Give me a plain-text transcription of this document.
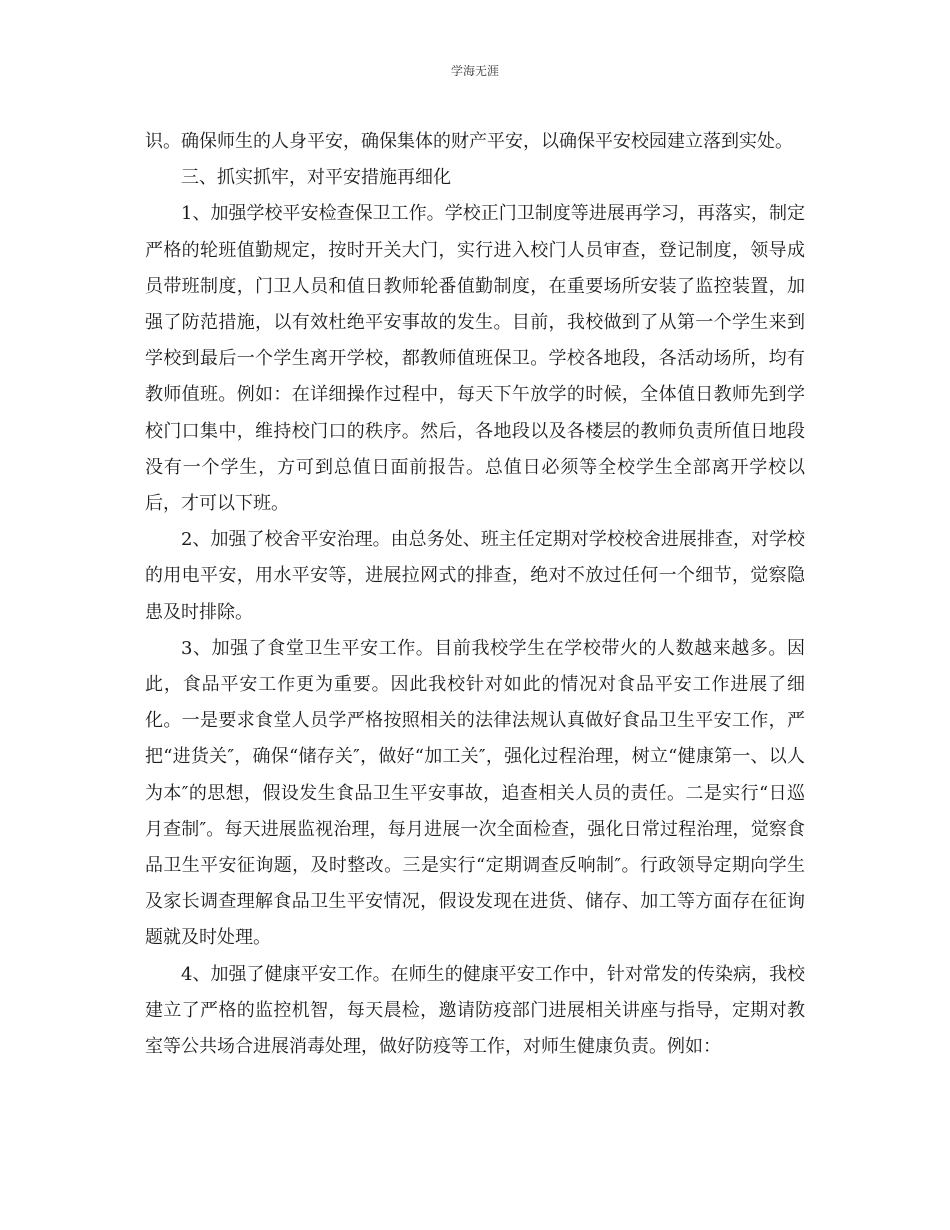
学海无涯

识。确保师生的人身平安，确保集体的财产平安，以确保平安校园建立落到实处。

三、抓实抓牢，对平安措施再细化

1、加强学校平安检查保卫工作。学校正门卫制度等进展再学习，再落实，制定严格的轮班值勤规定，按时开关大门，实行进入校门人员审查，登记制度，领导成员带班制度，门卫人员和值日教师轮番值勤制度，在重要场所安装了监控装置，加强了防范措施，以有效杜绝平安事故的发生。目前，我校做到了从第一个学生来到学校到最后一个学生离开学校，都教师值班保卫。学校各地段，各活动场所，均有教师值班。例如：在详细操作过程中，每天下午放学的时候，全体值日教师先到学校门口集中，维持校门口的秩序。然后，各地段以及各楼层的教师负责所值日地段没有一个学生，方可到总值日面前报告。总值日必须等全校学生全部离开学校以后，才可以下班。

2、加强了校舍平安治理。由总务处、班主任定期对学校校舍进展排查，对学校的用电平安，用水平安等，进展拉网式的排查，绝对不放过任何一个细节，觉察隐患及时排除。

3、加强了食堂卫生平安工作。目前我校学生在学校带火的人数越来越多。因此，食品平安工作更为重要。因此我校针对如此的情况对食品平安工作进展了细化。一是要求食堂人员学严格按照相关的法律法规认真做好食品卫生平安工作，严把“进货关″，确保“储存关″，做好“加工关″，强化过程治理，树立“健康第一、以人为本″的思想，假设发生食品卫生平安事故，追查相关人员的责任。二是实行“日巡月查制″。每天进展监视治理，每月进展一次全面检查，强化日常过程治理，觉察食品卫生平安征询题，及时整改。三是实行“定期调查反响制″。行政领导定期向学生及家长调查理解食品卫生平安情况，假设发现在进货、储存、加工等方面存在征询题就及时处理。

4、加强了健康平安工作。在师生的健康平安工作中，针对常发的传染病，我校建立了严格的监控机智，每天晨检，邀请防疫部门进展相关讲座与指导，定期对教室等公共场合进展消毒处理，做好防疫等工作，对师生健康负责。例如：
